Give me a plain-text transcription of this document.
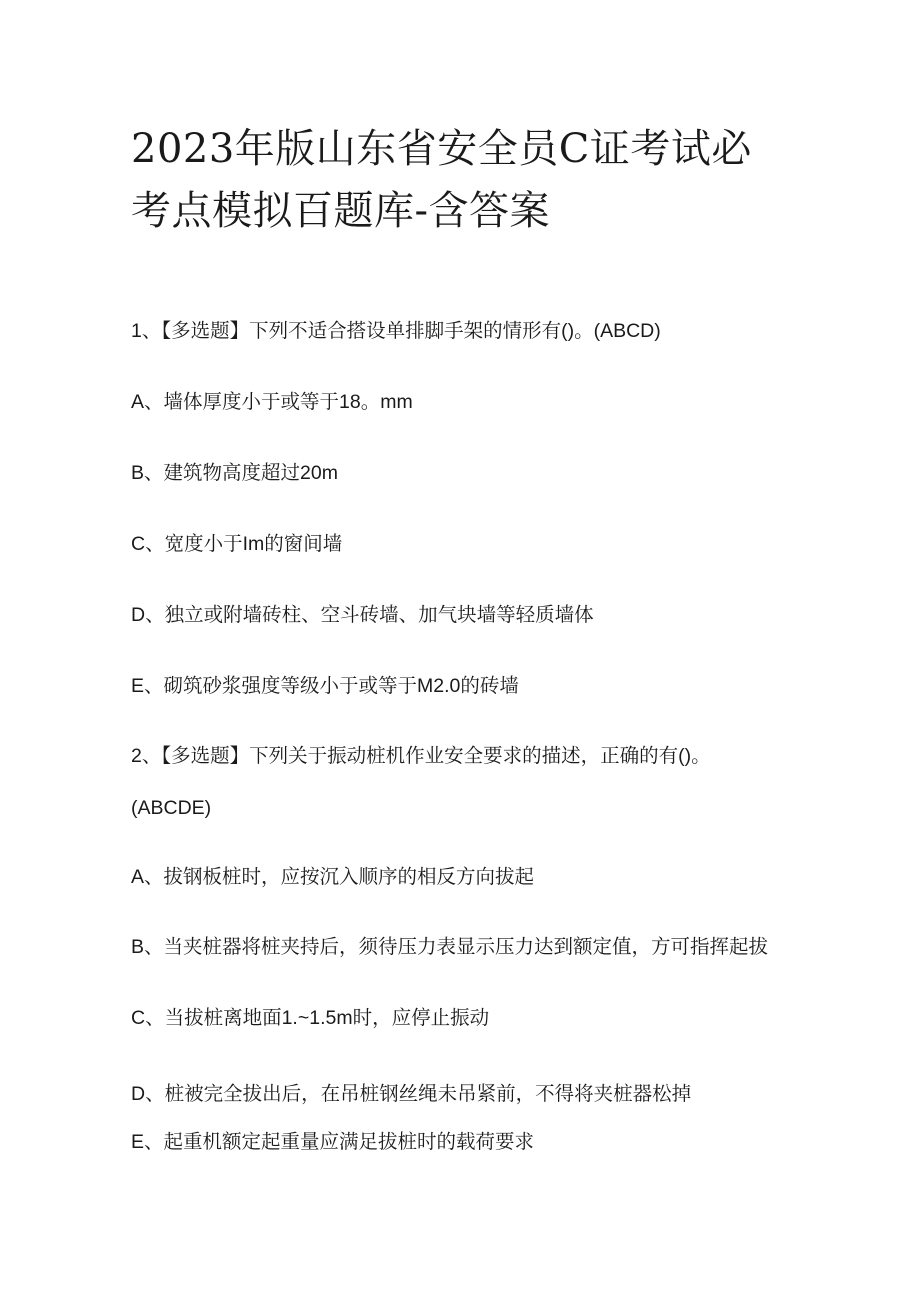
2023年版山东省安全员C证考试必
考点模拟百题库-含答案

1、【多选题】下列不适合搭设单排脚手架的情形有()。(ABCD)

A、墙体厚度小于或等于18。mm

B、建筑物高度超过20m

C、宽度小于Im的窗间墙

D、独立或附墙砖柱、空斗砖墙、加气块墙等轻质墙体

E、砌筑砂浆强度等级小于或等于M2.0的砖墙

2、【多选题】下列关于振动桩机作业安全要求的描述，正确的有()。

(ABCDE)

A、拔钢板桩时，应按沉入顺序的相反方向拔起

B、当夹桩器将桩夹持后，须待压力表显示压力达到额定值，方可指挥起拔

C、当拔桩离地面1.~1.5m时，应停止振动

D、桩被完全拔出后，在吊桩钢丝绳未吊紧前，不得将夹桩器松掉

E、起重机额定起重量应满足拔桩时的载荷要求
